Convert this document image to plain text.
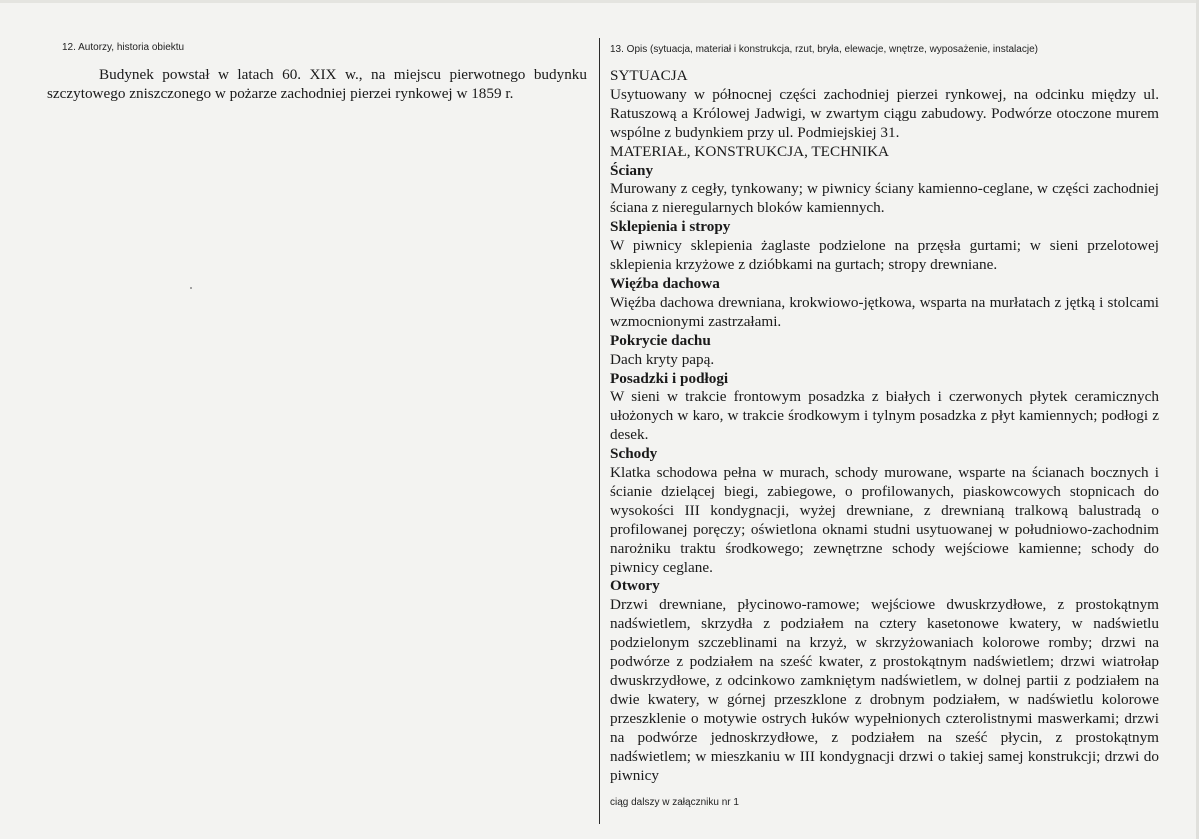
12. Autorzy, historia obiektu

Budynek powstał w latach 60. XIX w., na miejscu pierwotnego budynku szczytowego zniszczonego w pożarze zachodniej pierzei rynkowej w 1859 r.

13. Opis (sytuacja, materiał i konstrukcja, rzut, bryła, elewacje, wnętrze, wyposażenie, instalacje)
SYTUACJA
Usytuowany w północnej części zachodniej pierzei rynkowej, na odcinku między ul. Ratuszową a Królowej Jadwigi, w zwartym ciągu zabudowy. Podwórze otoczone murem wspólne z budynkiem przy ul. Podmiejskiej 31.
MATERIAŁ, KONSTRUKCJA, TECHNIKA
Ściany
Murowany z cegły, tynkowany; w piwnicy ściany kamienno-ceglane, w części zachodniej ściana z nieregularnych bloków kamiennych.
Sklepienia i stropy
W piwnicy sklepienia żaglaste podzielone na przęsła gurtami; w sieni przelotowej sklepienia krzyżowe z dzióbkami na gurtach; stropy drewniane.
Więźba dachowa
Więźba dachowa drewniana, krokwiowo-jętkowa, wsparta na murłatach z jętką i stolcami wzmocnionymi zastrzałami.
Pokrycie dachu
Dach kryty papą.
Posadzki i podłogi
W sieni w trakcie frontowym posadzka z białych i czerwonych płytek ceramicznych ułożonych w karo, w trakcie środkowym i tylnym posadzka z płyt kamiennych; podłogi z desek.
Schody
Klatka schodowa pełna w murach, schody murowane, wsparte na ścianach bocznych i ścianie dzielącej biegi, zabiegowe, o profilowanych, piaskowcowych stopnicach do wysokości III kondygnacji, wyżej drewniane, z drewnianą tralkową balustradą o profilowanej poręczy; oświetlona oknami studni usytuowanej w południowo-zachodnim narożniku traktu środkowego; zewnętrzne schody wejściowe kamienne; schody do piwnicy ceglane.
Otwory
Drzwi drewniane, płycinowo-ramowe; wejściowe dwuskrzydłowe, z prostokątnym nadświetlem, skrzydła z podziałem na cztery kasetonowe kwatery, w nadświetlu podzielonym szczeblinami na krzyż, w skrzyżowaniach kolorowe romby; drzwi na podwórze z podziałem na sześć kwater, z prostokątnym nadświetlem; drzwi wiatrołap dwuskrzydłowe, z odcinkowo zamkniętym nadświetlem, w dolnej partii z podziałem na dwie kwatery, w górnej przeszklone z drobnym podziałem, w nadświetlu kolorowe przeszklenie o motywie ostrych łuków wypełnionych czterolistnymi maswerkami; drzwi na podwórze jednoskrzydłowe, z podziałem na sześć płycin, z prostokątnym nadświetlem; w mieszkaniu w III kondygnacji drzwi o takiej samej konstrukcji; drzwi do piwnicy
ciąg dalszy w załączniku nr 1
